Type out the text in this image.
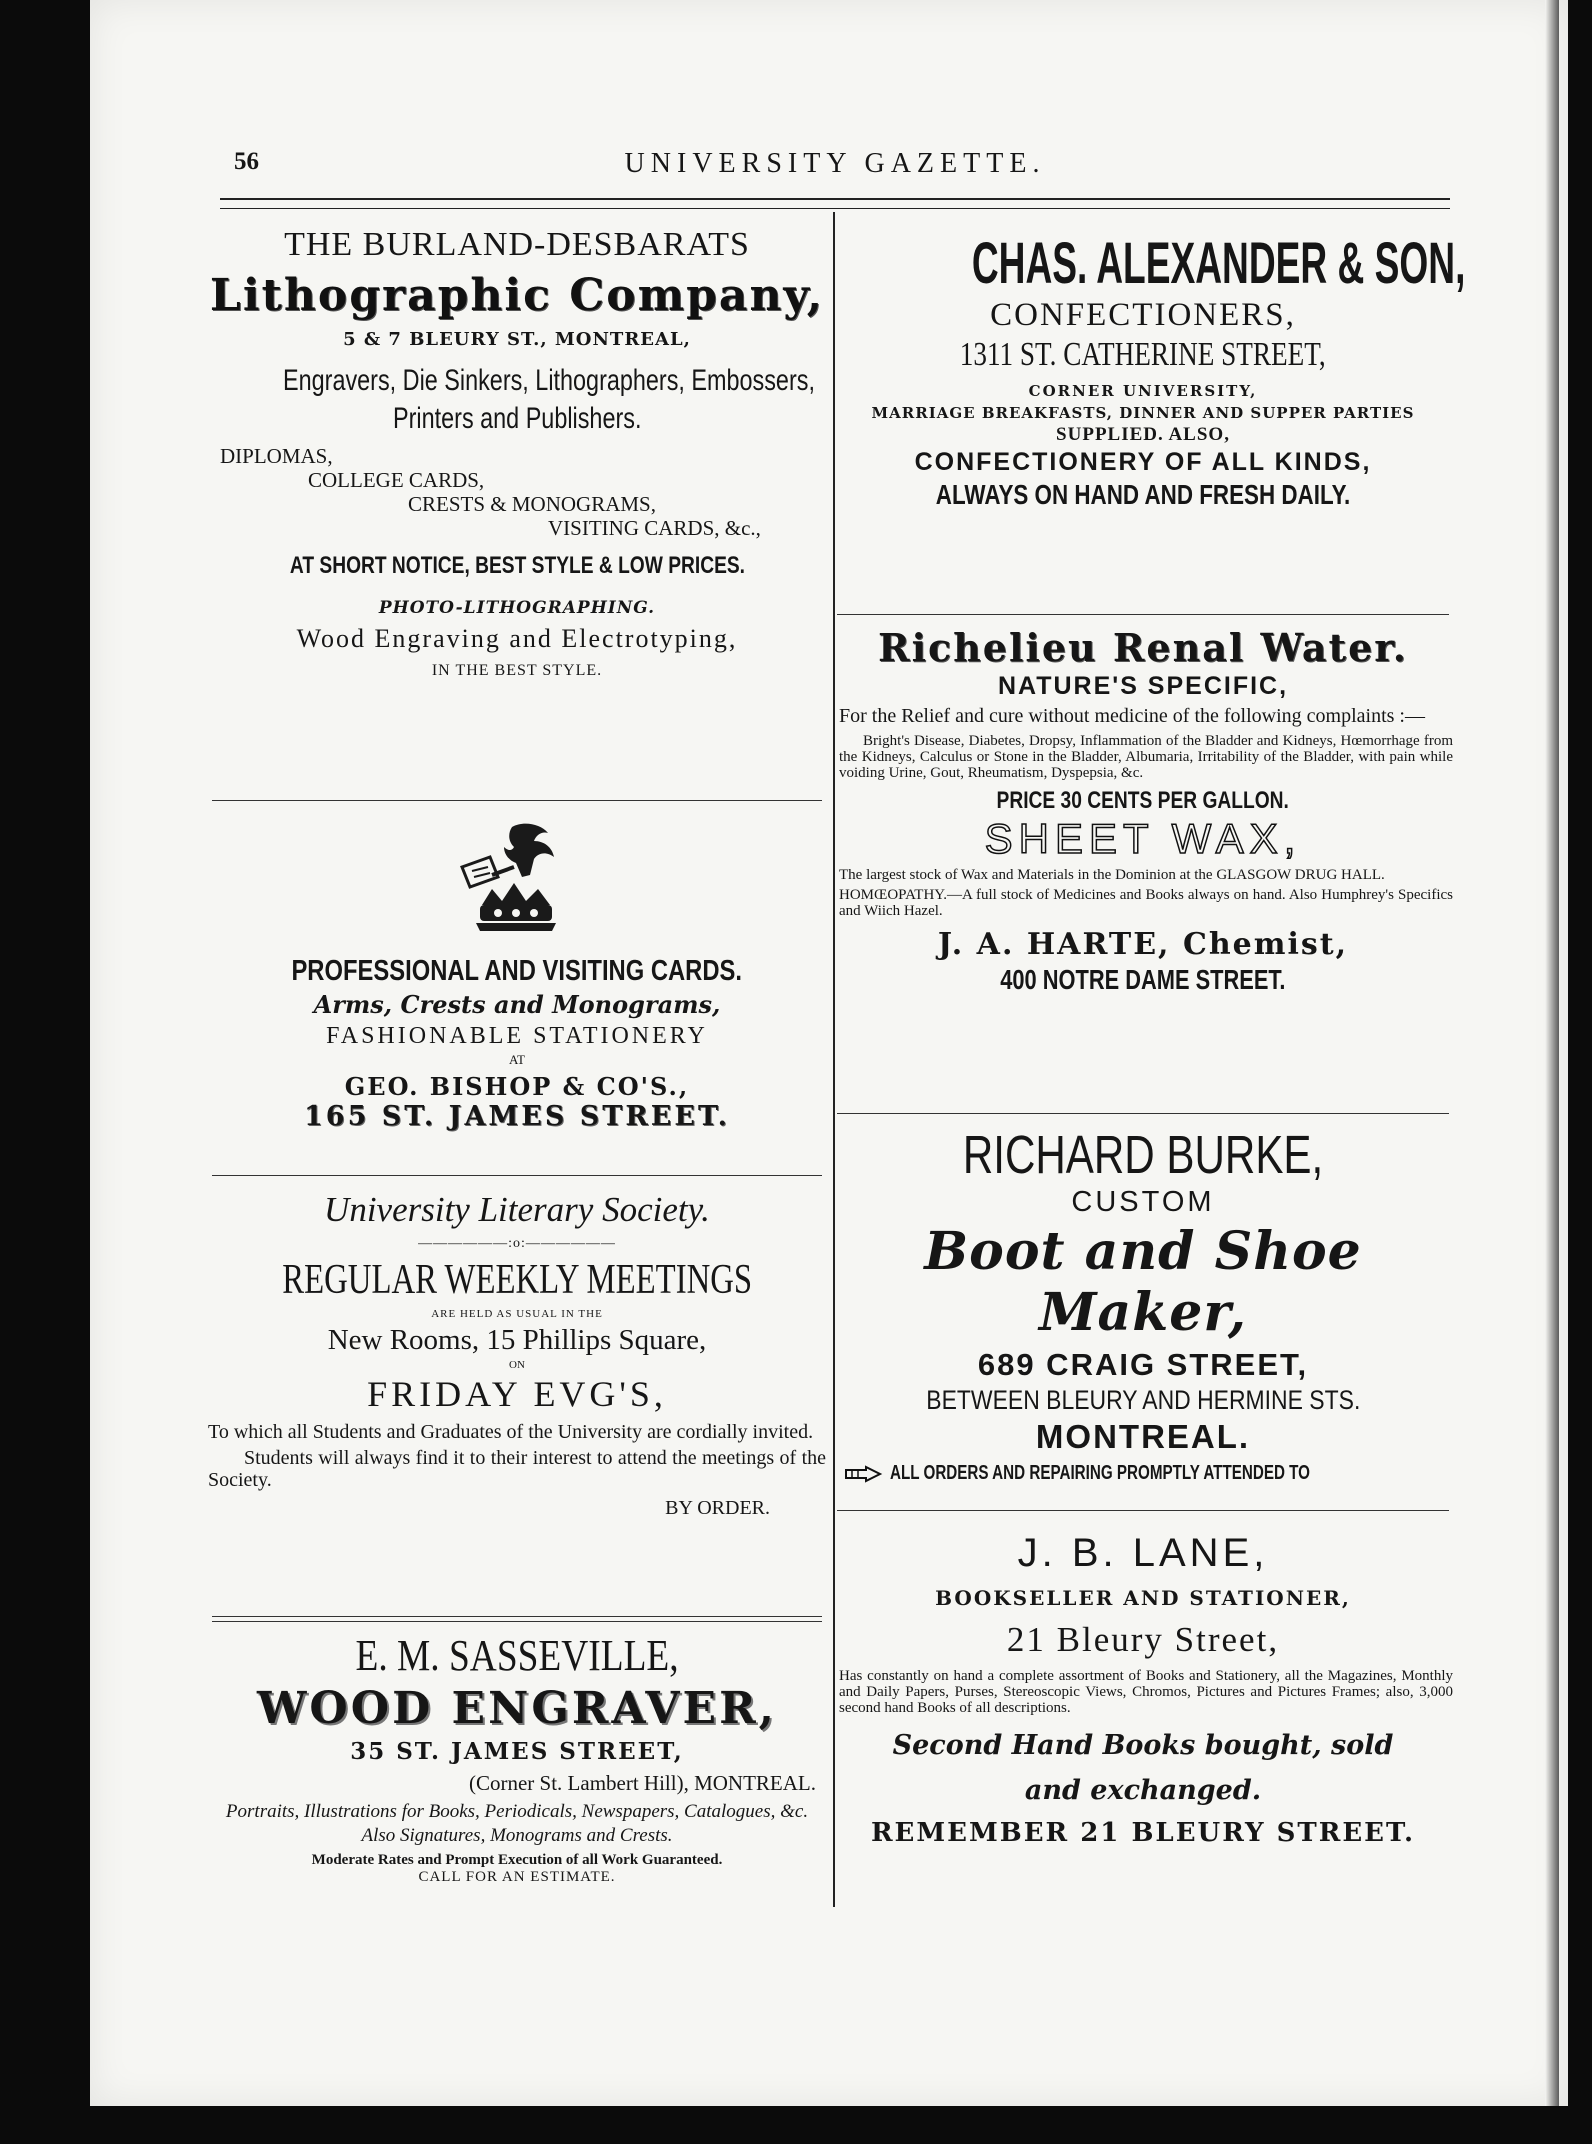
56	UNIVERSITY GAZETTE.
THE BURLAND-DESBARATS
Lithographic Company,
5 & 7 BLEURY ST., MONTREAL,
Engravers, Die Sinkers, Lithographers, Embossers,
Printers and Publishers.
DIPLOMAS,
COLLEGE CARDS,
CRESTS & MONOGRAMS,
VISITING CARDS, &c.,
AT SHORT NOTICE, BEST STYLE & LOW PRICES.
PHOTO-LITHOGRAPHING.
Wood Engraving and Electrotyping,
IN THE BEST STYLE.
PROFESSIONAL AND VISITING CARDS.
Arms, Crests and Monograms,
FASHIONABLE STATIONERY
AT
GEO. BISHOP & CO'S.,
165 ST. JAMES STREET.
University Literary Society.
——————:o:——————
REGULAR WEEKLY MEETINGS
ARE HELD AS USUAL IN THE
New Rooms, 15 Phillips Square,
ON
FRIDAY EVG'S,
To which all Students and Graduates of the University are cordially invited.
Students will always find it to their interest to attend the meetings of the Society.
BY ORDER.
E. M. SASSEVILLE,
WOOD ENGRAVER,
35 ST. JAMES STREET,
(Corner St. Lambert Hill), MONTREAL.
Portraits, Illustrations for Books, Periodicals, Newspapers, Catalogues, &c. Also Signatures, Monograms and Crests.
Moderate Rates and Prompt Execution of all Work Guaranteed.
CALL FOR AN ESTIMATE.
CHAS. ALEXANDER & SON,
CONFECTIONERS,
1311 ST. CATHERINE STREET,
CORNER UNIVERSITY,
MARRIAGE BREAKFASTS, DINNER AND SUPPER PARTIES
SUPPLIED. ALSO,
CONFECTIONERY OF ALL KINDS,
ALWAYS ON HAND AND FRESH DAILY.
Richelieu Renal Water.
NATURE'S SPECIFIC,
For the Relief and cure without medicine of the following complaints :—
Bright's Disease, Diabetes, Dropsy, Inflammation of the Bladder and Kidneys, Hœmorrhage from the Kidneys, Calculus or Stone in the Bladder, Albumaria, Irritability of the Bladder, with pain while voiding Urine, Gout, Rheumatism, Dyspepsia, &c.
PRICE 30 CENTS PER GALLON.
SHEET WAX,
The largest stock of Wax and Materials in the Dominion at the GLASGOW DRUG HALL.
HOMŒOPATHY.—A full stock of Medicines and Books always on hand. Also Humphrey's Specifics and Wiich Hazel.
J. A. HARTE, Chemist,
400 NOTRE DAME STREET.
RICHARD BURKE,
CUSTOM
Boot and Shoe Maker,
689 CRAIG STREET,
BETWEEN BLEURY AND HERMINE STS.
MONTREAL.
ALL ORDERS AND REPAIRING PROMPTLY ATTENDED TO
J. B. LANE,
BOOKSELLER AND STATIONER,
21 Bleury Street,
Has constantly on hand a complete assortment of Books and Stationery, all the Magazines, Monthly and Daily Papers, Purses, Stereoscopic Views, Chromos, Pictures and Pictures Frames; also, 3,000 second hand Books of all descriptions.
Second Hand Books bought, sold
and exchanged.
REMEMBER 21 BLEURY STREET.
